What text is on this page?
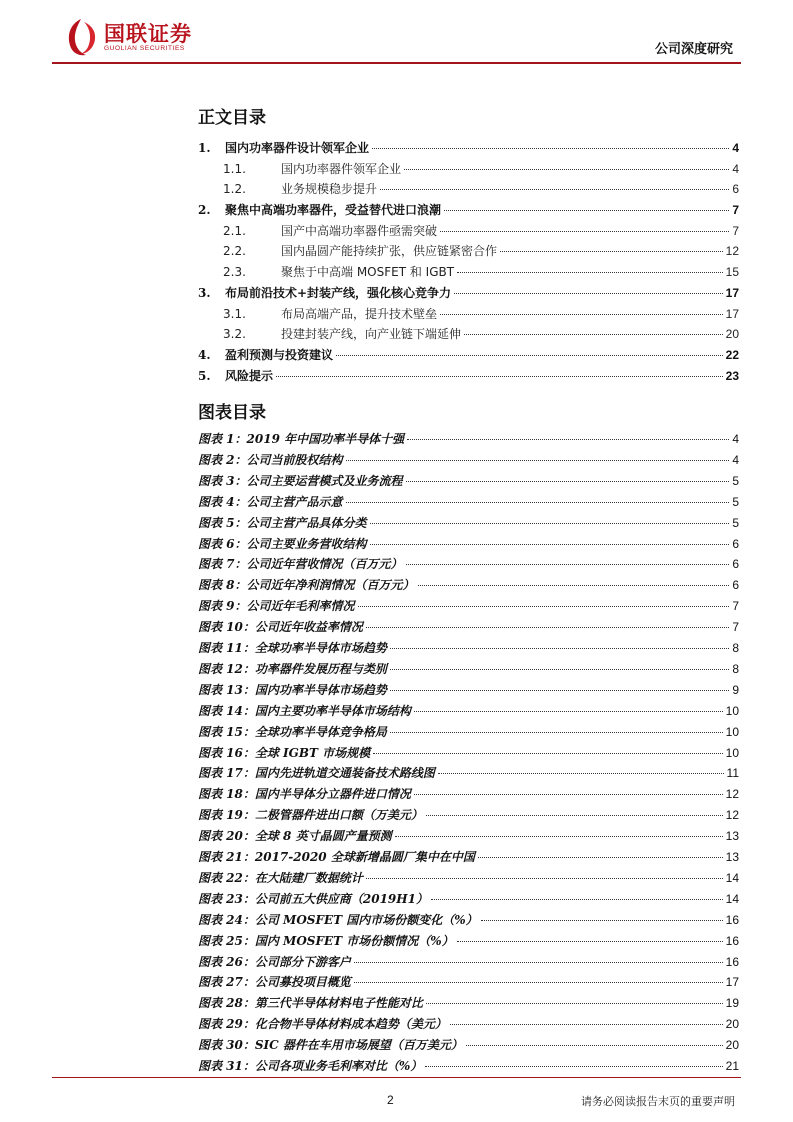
国联证券
GUOLIAN SECURITIES	公司深度研究
正文目录
1.	国内功率器件设计领军企业	4
1.1.	国内功率器件领军企业	4
1.2.	业务规模稳步提升	6
2.	聚焦中高端功率器件，受益替代进口浪潮	7
2.1.	国产中高端功率器件亟需突破	7
2.2.	国内晶圆产能持续扩张，供应链紧密合作	12
2.3.	聚焦于中高端 MOSFET 和 IGBT	15
3.	布局前沿技术+封装产线，强化核心竞争力	17
3.1.	布局高端产品，提升技术壁垒	17
3.2.	投建封装产线，向产业链下端延伸	20
4.	盈利预测与投资建议	22
5.	风险提示	23
图表目录
图表 1：2019 年中国功率半导体十强	4
图表 2：公司当前股权结构	4
图表 3：公司主要运营模式及业务流程	5
图表 4：公司主营产品示意	5
图表 5：公司主营产品具体分类	5
图表 6：公司主要业务营收结构	6
图表 7：公司近年营收情况（百万元）	6
图表 8：公司近年净利润情况（百万元）	6
图表 9：公司近年毛利率情况	7
图表 10：公司近年收益率情况	7
图表 11：全球功率半导体市场趋势	8
图表 12：功率器件发展历程与类别	8
图表 13：国内功率半导体市场趋势	9
图表 14：国内主要功率半导体市场结构	10
图表 15：全球功率半导体竞争格局	10
图表 16：全球 IGBT 市场规模	10
图表 17：国内先进轨道交通装备技术路线图	11
图表 18：国内半导体分立器件进口情况	12
图表 19：二极管器件进出口额（万美元）	12
图表 20：全球 8 英寸晶圆产量预测	13
图表 21：2017-2020 全球新增晶圆厂集中在中国	13
图表 22：在大陆建厂数据统计	14
图表 23：公司前五大供应商（2019H1）	14
图表 24：公司 MOSFET 国内市场份额变化（%）	16
图表 25：国内 MOSFET 市场份额情况（%）	16
图表 26：公司部分下游客户	16
图表 27：公司募投项目概览	17
图表 28：第三代半导体材料电子性能对比	19
图表 29：化合物半导体材料成本趋势（美元）	20
图表 30：SIC 器件在车用市场展望（百万美元）	20
图表 31：公司各项业务毛利率对比（%）	21
2	请务必阅读报告末页的重要声明
